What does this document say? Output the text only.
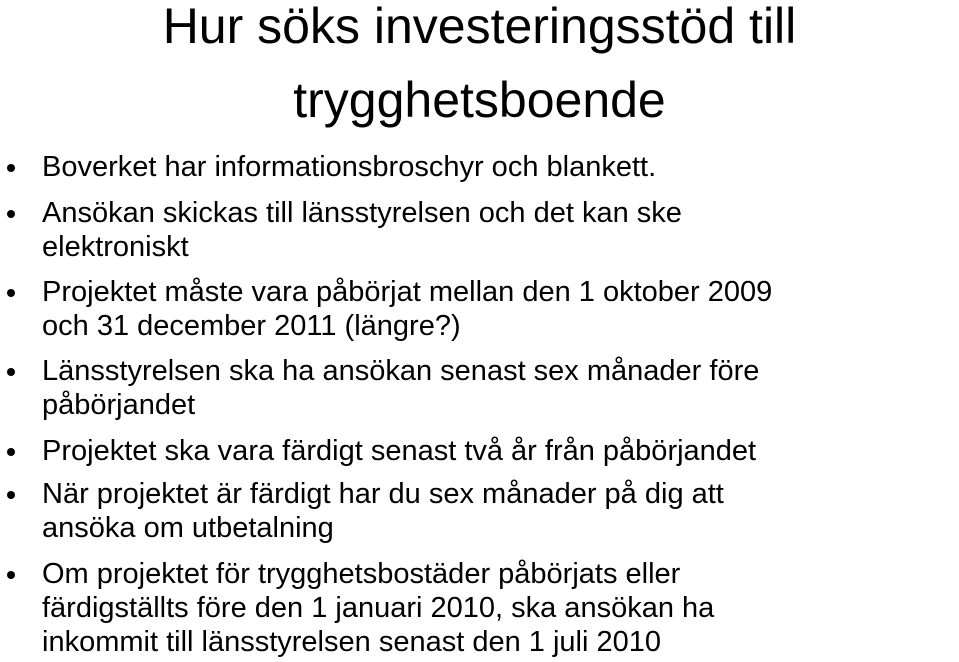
Hur söks investeringsstöd till
trygghetsboende
Boverket har informationsbroschyr och blankett.
Ansökan skickas till länsstyrelsen och det kan ske
elektroniskt
Projektet måste vara påbörjat mellan den 1 oktober 2009
och 31 december 2011 (längre?)
Länsstyrelsen ska ha ansökan senast sex månader före
påbörjandet
Projektet ska vara färdigt senast två år från påbörjandet
När projektet är färdigt har du sex månader på dig att
ansöka om utbetalning
Om projektet för trygghetsbostäder påbörjats eller
färdigställts före den 1 januari 2010, ska ansökan ha
inkommit till länsstyrelsen senast den 1 juli 2010
